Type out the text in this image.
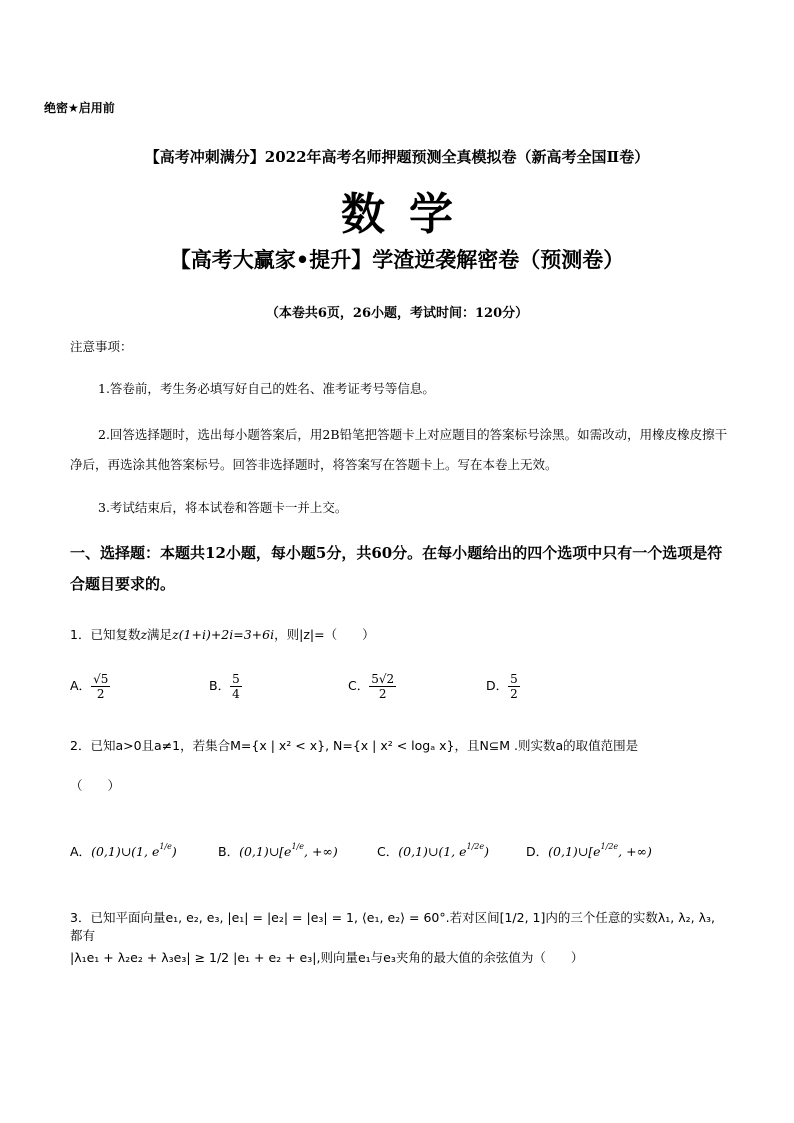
绝密★启用前
【高考冲刺满分】2022年高考名师押题预测全真模拟卷（新高考全国Ⅱ卷）
数学
【高考大赢家•提升】学渣逆袭解密卷（预测卷）
（本卷共6页，26小题，考试时间：120分）
注意事项：
1.答卷前，考生务必填写好自己的姓名、准考证考号等信息。
2.回答选择题时，选出每小题答案后，用2B铅笔把答题卡上对应题目的答案标号涂黑。如需改动，用橡皮橡皮擦干净后，再选涂其他答案标号。回答非选择题时，将答案写在答题卡上。写在本卷上无效。
3.考试结束后，将本试卷和答题卡一并上交。
一、选择题：本题共12小题，每小题5分，共60分。在每小题给出的四个选项中只有一个选项是符合题目要求的。
1．已知复数z满足z(1+i)+2i=3+6i，则|z|=（　　）
A． $\frac{√5}{2}$	B． $\frac{5}{4}$	C． $\frac{5√2}{2}$	D． $\frac{5}{2}$
2．已知a>0且a≠1，若集合M={x | x² < x}, N={x | x² < logₐ x}，且N⊆M .则实数a的取值范围是
（　　）
A．(0,1)∪(1, $e^{1/e}$)	B．$(0,1)\cup[e^{1/e}$, +∞)	C．(0,1)∪(1, $e^{1/2e}$)	D．$(0,1)\cup[e^{1/2e}$, +∞)
3．已知平面向量e₁, e₂, e₃, |e₁| = |e₂| = |e₃| = 1, ⟨e₁, e₂⟩ = 60°.若对区间[1/2, 1]内的三个任意的实数λ₁, λ₂, λ₃, 都有
|λ₁e₁ + λ₂e₂ + λ₃e₃| ≥ 1/2 |e₁ + e₂ + e₃|,则向量e₁与e₃夹角的最大值的余弦值为（　　）
